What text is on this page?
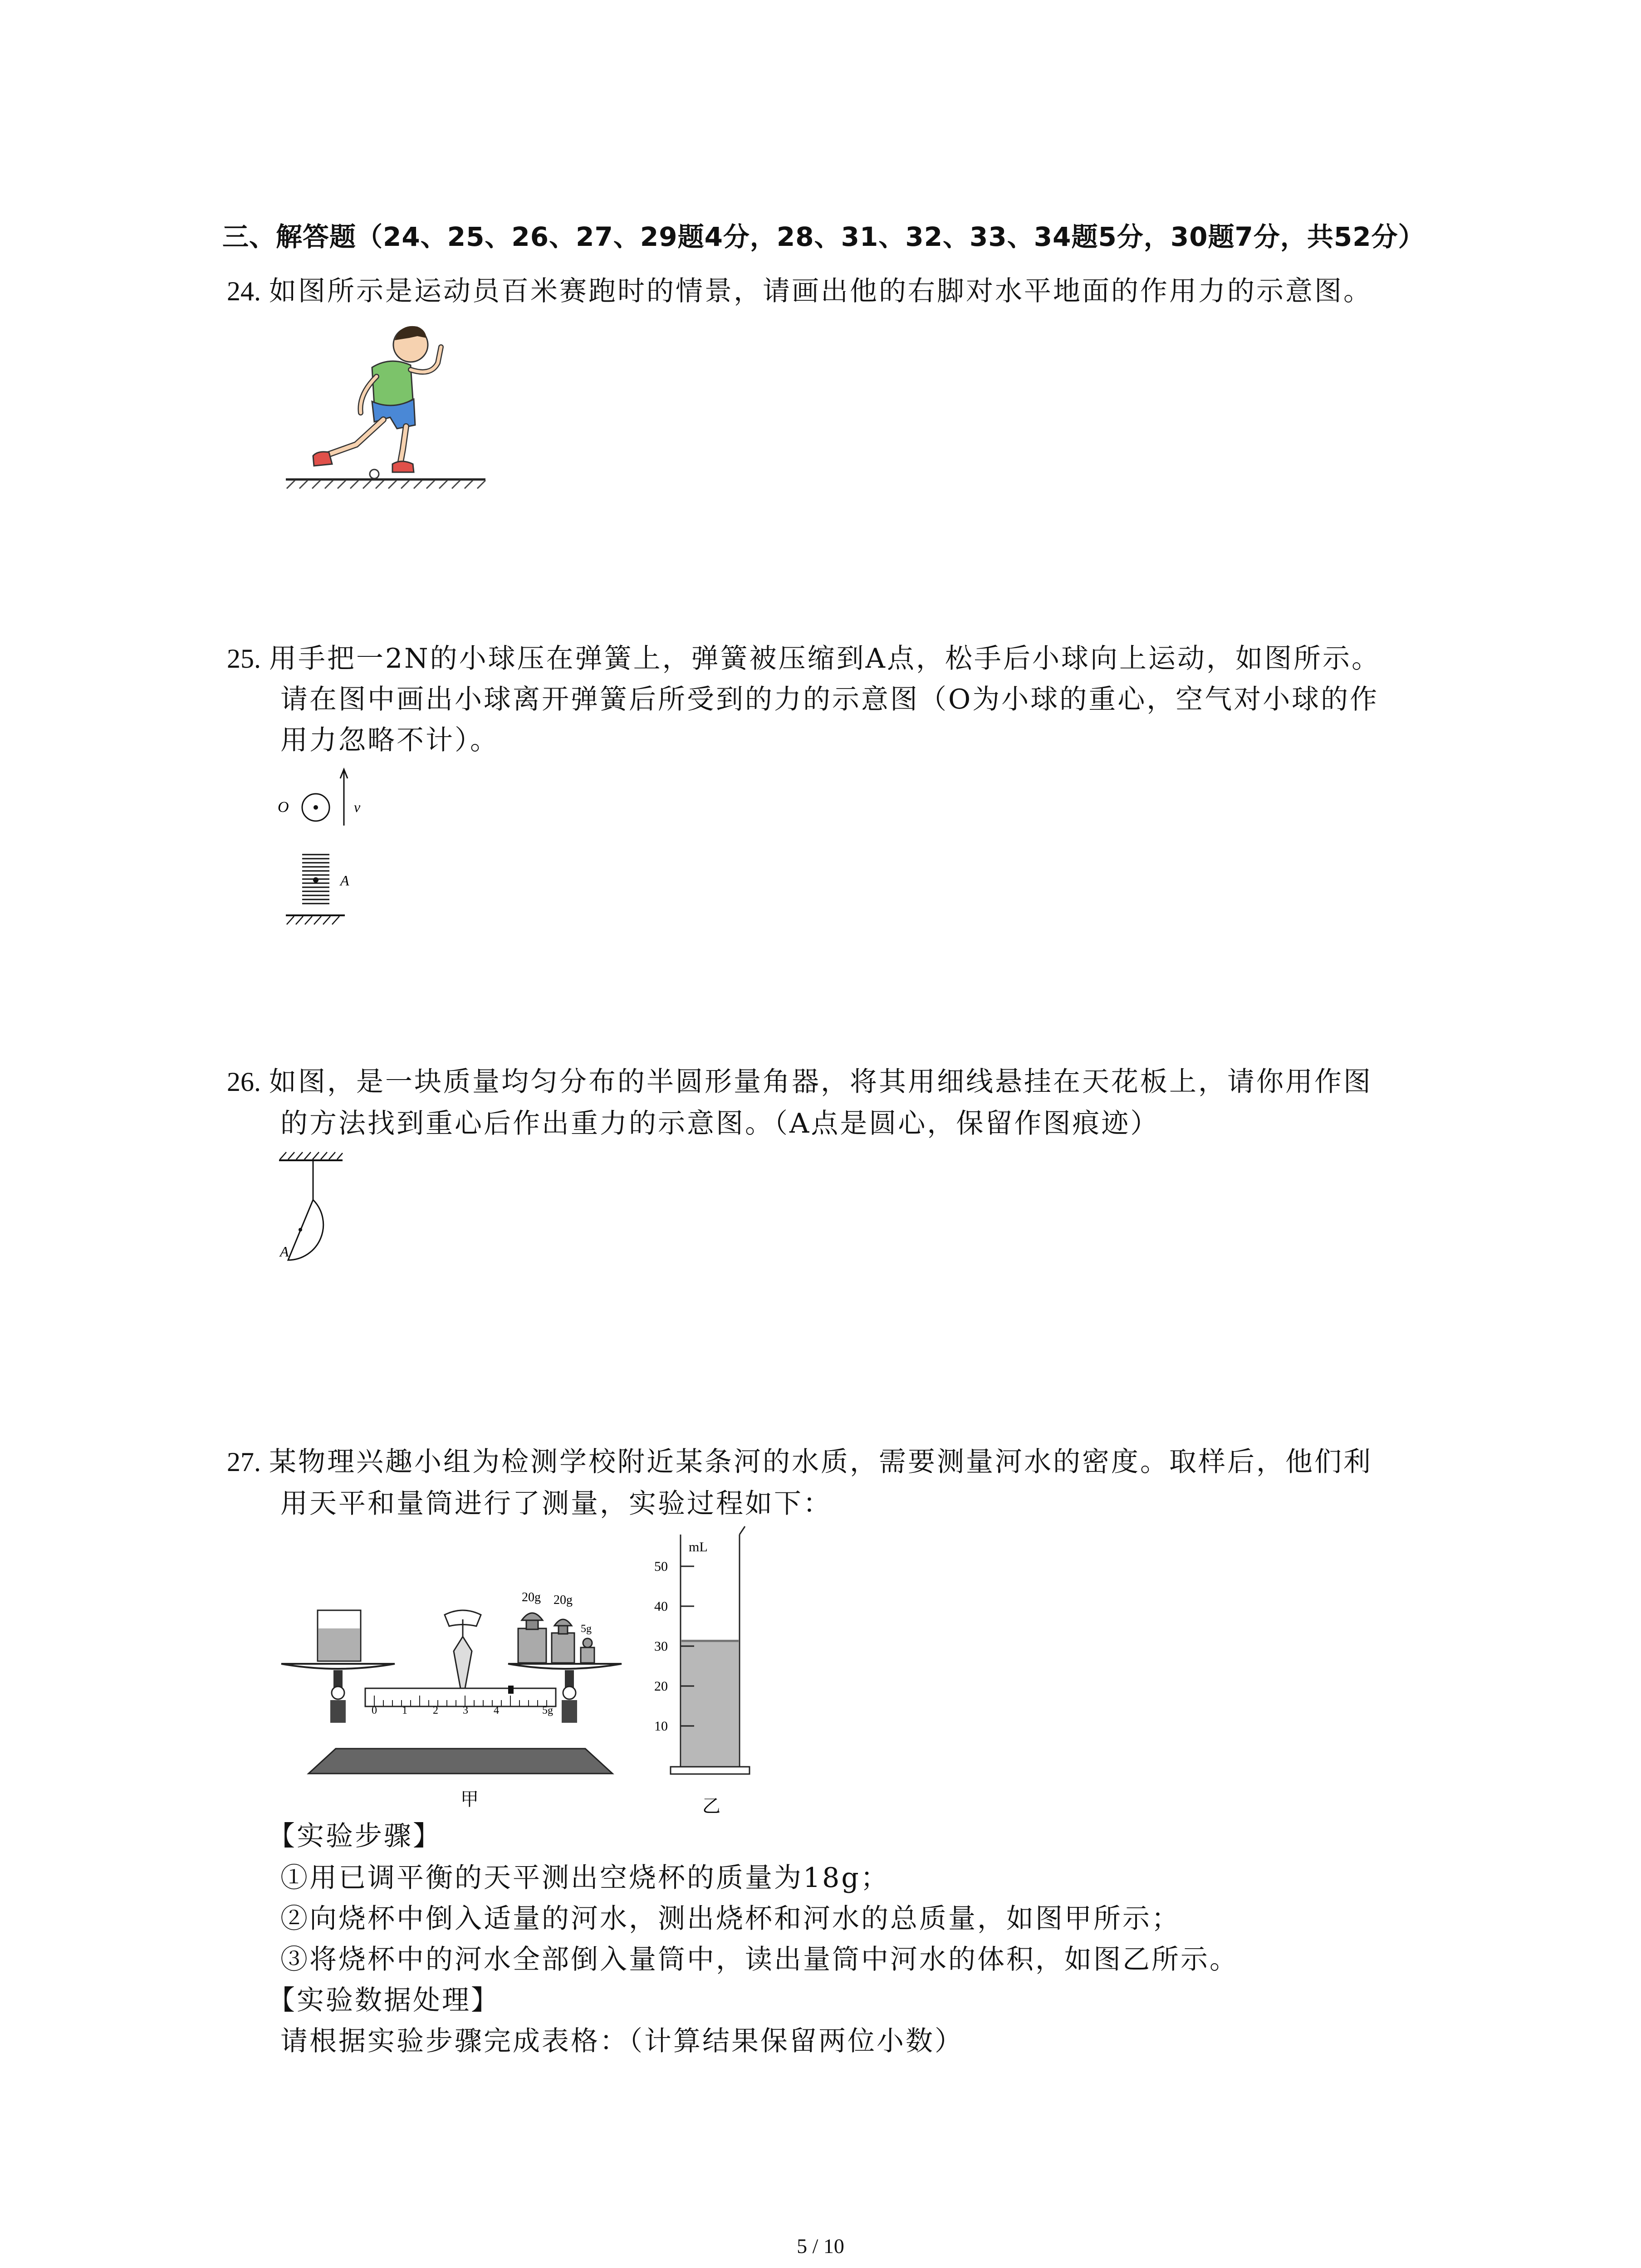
三、解答题（24、25、26、27、29题4分，28、31、32、33、34题5分，30题7分，共52分）
24. 如图所示是运动员百米赛跑时的情景，请画出他的右脚对水平地面的作用力的示意图。
25. 用手把一2N的小球压在弹簧上，弹簧被压缩到A点，松手后小球向上运动，如图所示。
请在图中画出小球离开弹簧后所受到的力的示意图（O为小球的重心，空气对小球的作
用力忽略不计）。
O	v
A
26. 如图，是一块质量均匀分布的半圆形量角器，将其用细线悬挂在天花板上，请你用作图
的方法找到重心后作出重力的示意图。（A点是圆心，保留作图痕迹）
A
27. 某物理兴趣小组为检测学校附近某条河的水质，需要测量河水的密度。取样后，他们利
用天平和量筒进行了测量，实验过程如下：
0 1 2 3 4	5g
20g 20g
5g
甲
mL
50
40
30
20
10
乙
【实验步骤】
①用已调平衡的天平测出空烧杯的质量为18g；
②向烧杯中倒入适量的河水，测出烧杯和河水的总质量，如图甲所示；
③将烧杯中的河水全部倒入量筒中，读出量筒中河水的体积，如图乙所示。
【实验数据处理】
请根据实验步骤完成表格：（计算结果保留两位小数）
5 / 10
